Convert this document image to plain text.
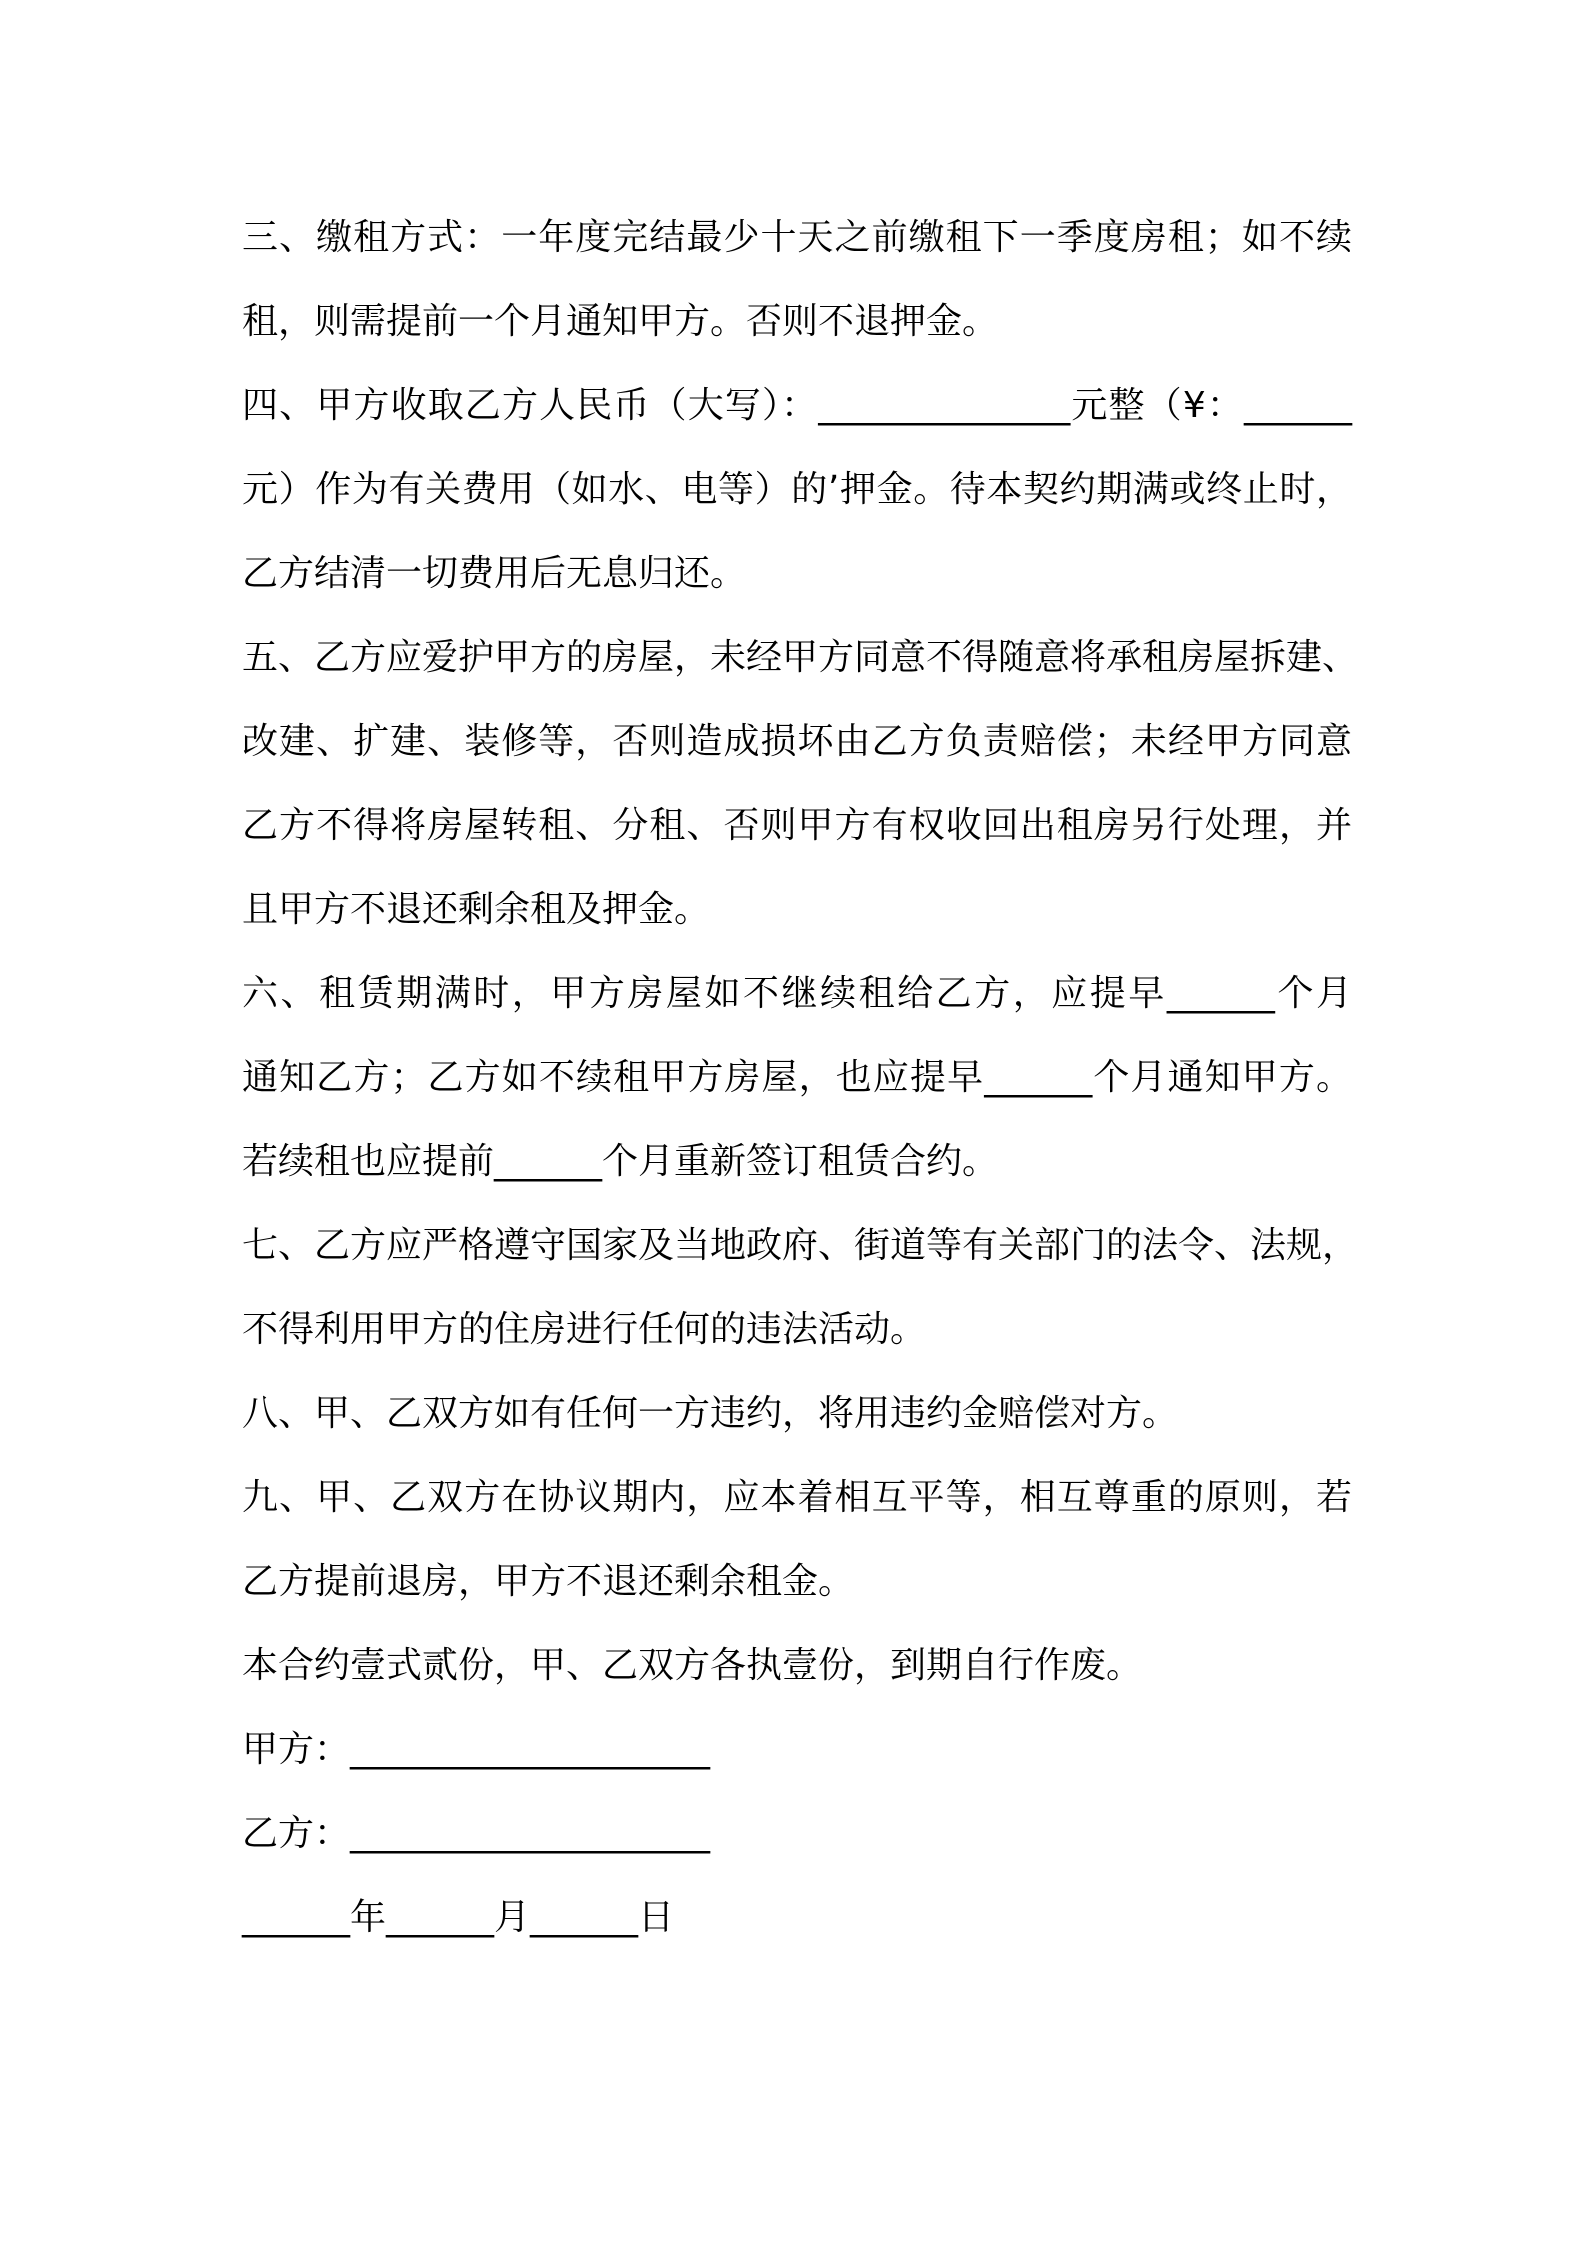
三、缴租方式：一年度完结最少十天之前缴租下一季度房租；如不续
租，则需提前一个月通知甲方。否则不退押金。
四、甲方收取乙方人民币（大写）：______________元整（¥：______
元）作为有关费用（如水、电等）的’押金。待本契约期满或终止时，
乙方结清一切费用后无息归还。
五、乙方应爱护甲方的房屋，未经甲方同意不得随意将承租房屋拆建、
改建、扩建、装修等，否则造成损坏由乙方负责赔偿；未经甲方同意
乙方不得将房屋转租、分租、否则甲方有权收回出租房另行处理，并
且甲方不退还剩余租及押金。
六、租赁期满时，甲方房屋如不继续租给乙方，应提早______个月
通知乙方；乙方如不续租甲方房屋，也应提早______个月通知甲方。
若续租也应提前______个月重新签订租赁合约。
七、乙方应严格遵守国家及当地政府、街道等有关部门的法令、法规，
不得利用甲方的住房进行任何的违法活动。
八、甲、乙双方如有任何一方违约，将用违约金赔偿对方。
九、甲、乙双方在协议期内，应本着相互平等，相互尊重的原则，若
乙方提前退房，甲方不退还剩余租金。
本合约壹式贰份，甲、乙双方各执壹份，到期自行作废。
甲方：____________________
乙方：____________________
______年______月______日
